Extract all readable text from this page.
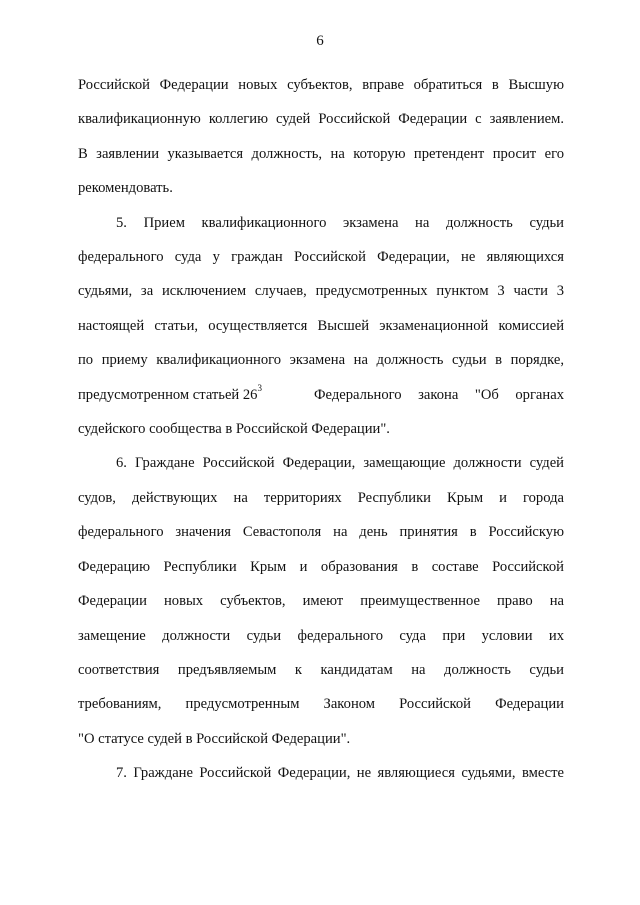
6

Российской Федерации новых субъектов, вправе обратиться в Высшую
квалификационную коллегию судей Российской Федерации с заявлением.
В заявлении указывается должность, на которую претендент просит его
рекомендовать.

5. Прием квалификационного экзамена на должность судьи
федерального суда у граждан Российской Федерации, не являющихся
судьями, за исключением случаев, предусмотренных пунктом 3 части 3
настоящей статьи, осуществляется Высшей экзаменационной комиссией
по приему квалификационного экзамена на должность судьи в порядке,
предусмотренном статьей $26^3$	Федерального закона "Об органах
судейского сообщества в Российской Федерации".

6. Граждане Российской Федерации, замещающие должности судей
судов, действующих на территориях Республики Крым и города
федерального значения Севастополя на день принятия в Российскую
Федерацию Республики Крым и образования в составе Российской
Федерации новых субъектов, имеют преимущественное право на
замещение должности судьи федерального суда при условии их
соответствия предъявляемым к кандидатам на должность судьи
требованиям, предусмотренным Законом Российской Федерации
"О статусе судей в Российской Федерации".

7. Граждане Российской Федерации, не являющиеся судьями, вместе
